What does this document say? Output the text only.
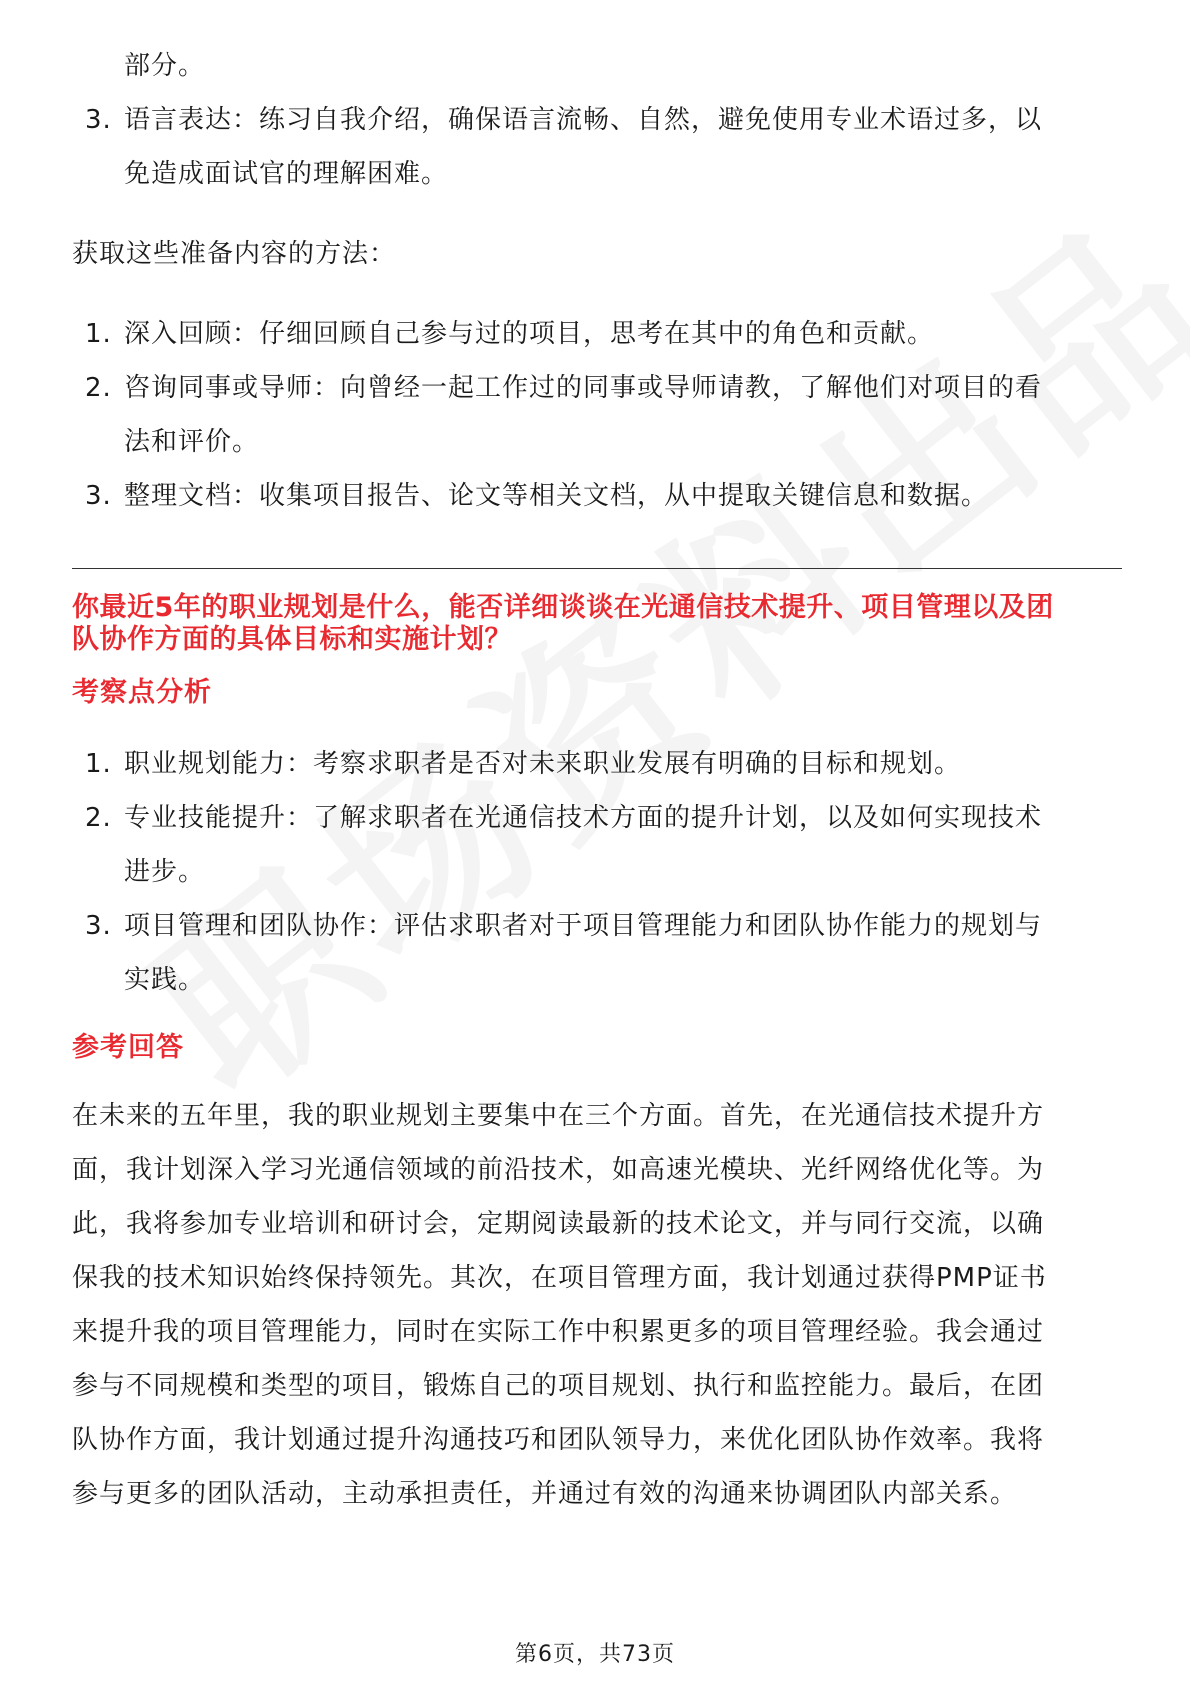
部分。
3. 语言表达：练习自我介绍，确保语言流畅、自然，避免使用专业术语过多，以
免造成面试官的理解困难。
获取这些准备内容的方法：
1. 深入回顾：仔细回顾自己参与过的项目，思考在其中的角色和贡献。
2. 咨询同事或导师：向曾经一起工作过的同事或导师请教，了解他们对项目的看
法和评价。
3. 整理文档：收集项目报告、论文等相关文档，从中提取关键信息和数据。
你最近5年的职业规划是什么，能否详细谈谈在光通信技术提升、项目管理以及团
队协作方面的具体目标和实施计划？
考察点分析
1. 职业规划能力：考察求职者是否对未来职业发展有明确的目标和规划。
2. 专业技能提升：了解求职者在光通信技术方面的提升计划，以及如何实现技术
进步。
3. 项目管理和团队协作：评估求职者对于项目管理能力和团队协作能力的规划与
实践。
参考回答
在未来的五年里，我的职业规划主要集中在三个方面。首先，在光通信技术提升方
面，我计划深入学习光通信领域的前沿技术，如高速光模块、光纤网络优化等。为
此，我将参加专业培训和研讨会，定期阅读最新的技术论文，并与同行交流，以确
保我的技术知识始终保持领先。其次，在项目管理方面，我计划通过获得PMP证书
来提升我的项目管理能力，同时在实际工作中积累更多的项目管理经验。我会通过
参与不同规模和类型的项目，锻炼自己的项目规划、执行和监控能力。最后，在团
队协作方面，我计划通过提升沟通技巧和团队领导力，来优化团队协作效率。我将
参与更多的团队活动，主动承担责任，并通过有效的沟通来协调团队内部关系。
第6页，共73页
